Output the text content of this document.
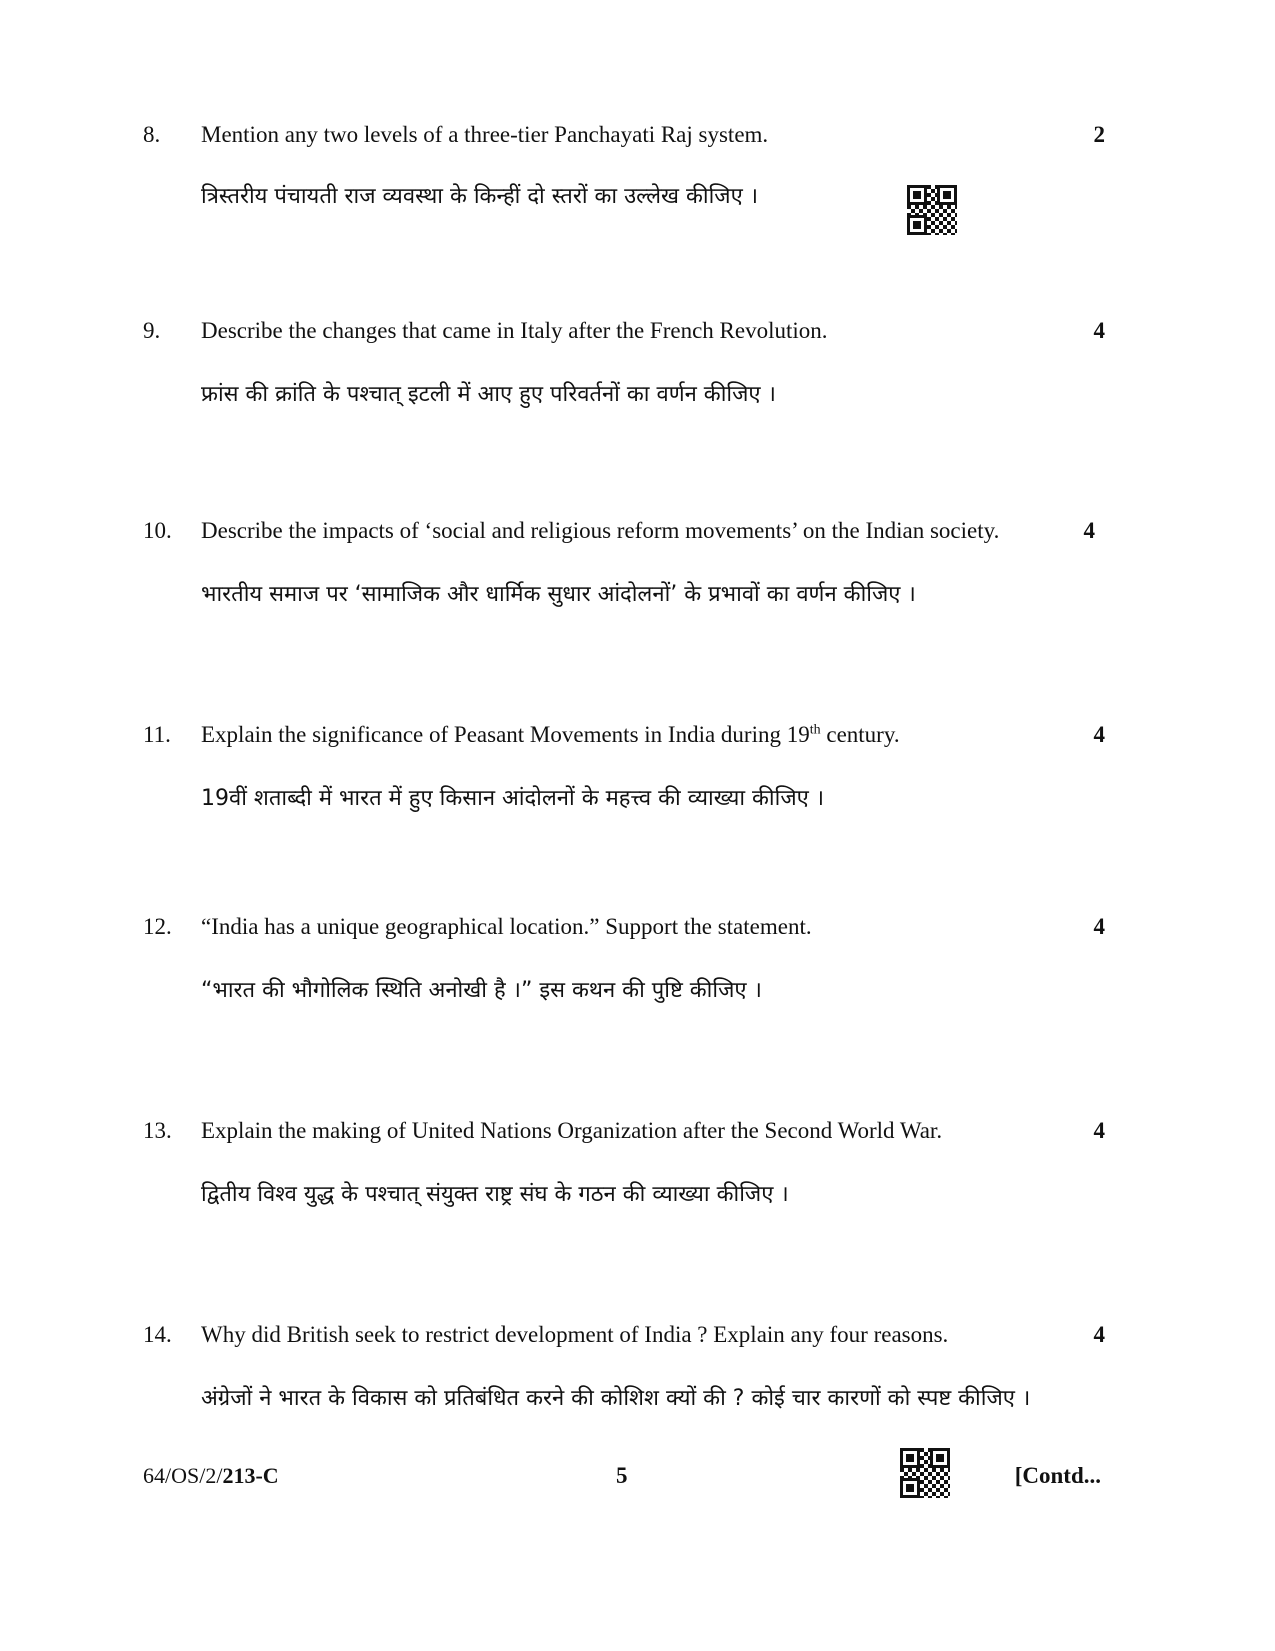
8. Mention any two levels of a three-tier Panchayati Raj system.	2
त्रिस्तरीय पंचायती राज व्यवस्था के किन्हीं दो स्तरों का उल्लेख कीजिए ।
9. Describe the changes that came in Italy after the French Revolution.	4
फ्रांस की क्रांति के पश्चात् इटली में आए हुए परिवर्तनों का वर्णन कीजिए ।
10. Describe the impacts of ‘social and religious reform movements’ on the Indian society.	4
भारतीय समाज पर ‘सामाजिक और धार्मिक सुधार आंदोलनों’ के प्रभावों का वर्णन कीजिए ।
11. Explain the significance of Peasant Movements in India during 19th century.	4
19वीं शताब्दी में भारत में हुए किसान आंदोलनों के महत्त्व की व्याख्या कीजिए ।
12. “India has a unique geographical location.” Support the statement.	4
“भारत की भौगोलिक स्थिति अनोखी है ।” इस कथन की पुष्टि कीजिए ।
13. Explain the making of United Nations Organization after the Second World War.	4
द्वितीय विश्व युद्ध के पश्चात् संयुक्त राष्ट्र संघ के गठन की व्याख्या कीजिए ।
14. Why did British seek to restrict development of India ? Explain any four reasons.	4
अंग्रेजों ने भारत के विकास को प्रतिबंधित करने की कोशिश क्यों की ? कोई चार कारणों को स्पष्ट कीजिए ।
64/OS/2/213-C	5	[Contd...
